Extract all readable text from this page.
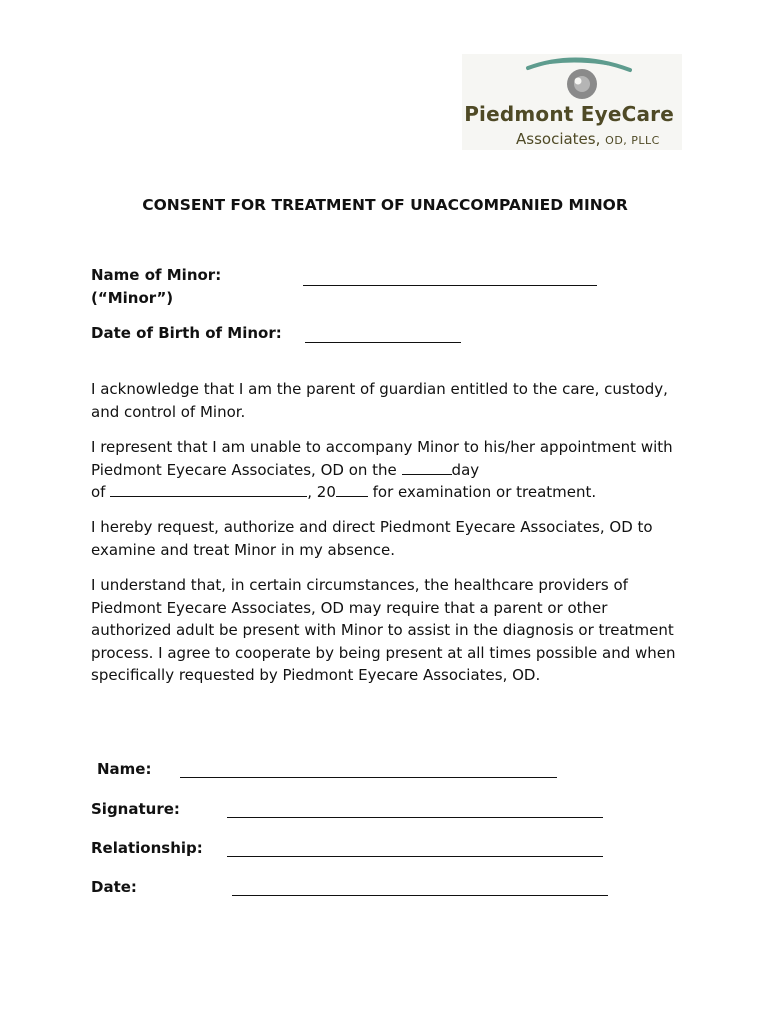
Piedmont EyeCare
Associates, OD, PLLC
CONSENT FOR TREATMENT OF UNACCOMPANIED MINOR
Name of Minor:
(“Minor”)
Date of Birth of Minor:

I acknowledge that I am the parent of guardian entitled to the care, custody, and control of Minor.

I represent that I am unable to accompany Minor to his/her appointment with Piedmont Eyecare Associates, OD on the	day
of	, 20 for examination or treatment.

I hereby request, authorize and direct Piedmont Eyecare Associates, OD to examine and treat Minor in my absence.

I understand that, in certain circumstances, the healthcare providers of Piedmont Eyecare Associates, OD may require that a parent or other authorized adult be present with Minor to assist in the diagnosis or treatment process. I agree to cooperate by being present at all times possible and when specifically requested by Piedmont Eyecare Associates, OD.

Name:
Signature:
Relationship:
Date:
